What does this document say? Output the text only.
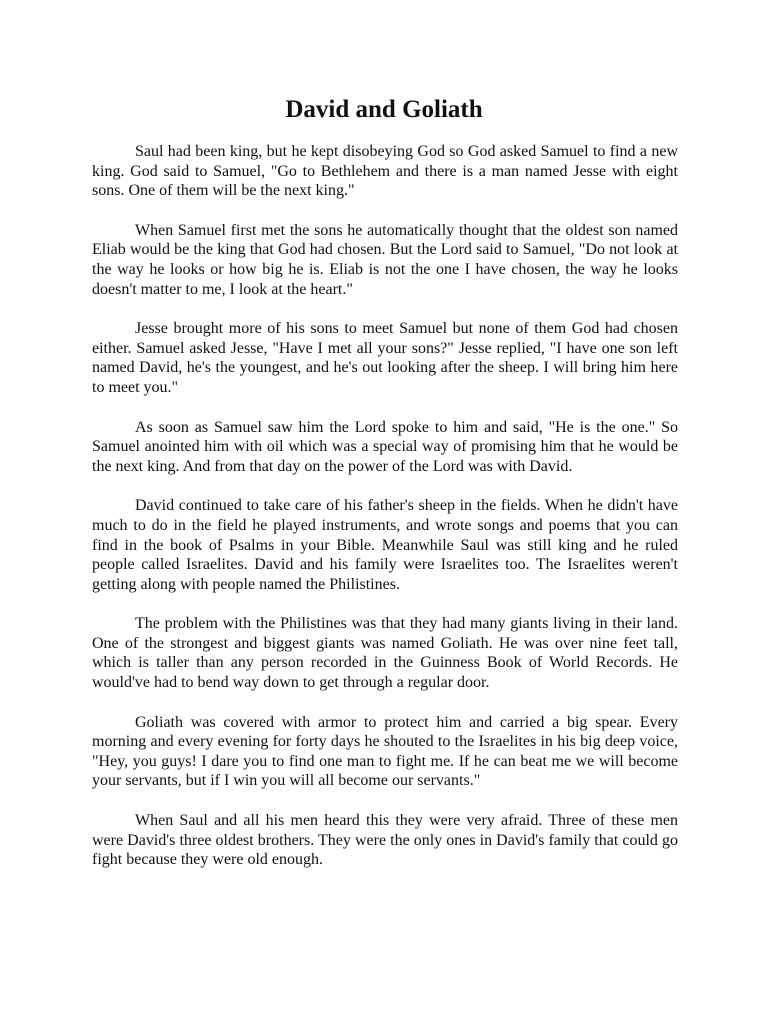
David and Goliath

Saul had been king, but he kept disobeying God so God asked Samuel to find a new king. God said to Samuel, "Go to Bethlehem and there is a man named Jesse with eight sons. One of them will be the next king."

When Samuel first met the sons he automatically thought that the oldest son named Eliab would be the king that God had chosen. But the Lord said to Samuel, "Do not look at the way he looks or how big he is. Eliab is not the one I have chosen, the way he looks doesn't matter to me, I look at the heart."

Jesse brought more of his sons to meet Samuel but none of them God had chosen either. Samuel asked Jesse, "Have I met all your sons?" Jesse replied, "I have one son left named David, he's the youngest, and he's out looking after the sheep. I will bring him here to meet you."

As soon as Samuel saw him the Lord spoke to him and said, "He is the one." So Samuel anointed him with oil which was a special way of promising him that he would be the next king. And from that day on the power of the Lord was with David.

David continued to take care of his father's sheep in the fields. When he didn't have much to do in the field he played instruments, and wrote songs and poems that you can find in the book of Psalms in your Bible. Meanwhile Saul was still king and he ruled people called Israelites. David and his family were Israelites too. The Israelites weren't getting along with people named the Philistines.

The problem with the Philistines was that they had many giants living in their land. One of the strongest and biggest giants was named Goliath. He was over nine feet tall, which is taller than any person recorded in the Guinness Book of World Records. He would've had to bend way down to get through a regular door.

Goliath was covered with armor to protect him and carried a big spear. Every morning and every evening for forty days he shouted to the Israelites in his big deep voice, "Hey, you guys! I dare you to find one man to fight me. If he can beat me we will become your servants, but if I win you will all become our servants."

When Saul and all his men heard this they were very afraid. Three of these men were David's three oldest brothers. They were the only ones in David's family that could go fight because they were old enough.
